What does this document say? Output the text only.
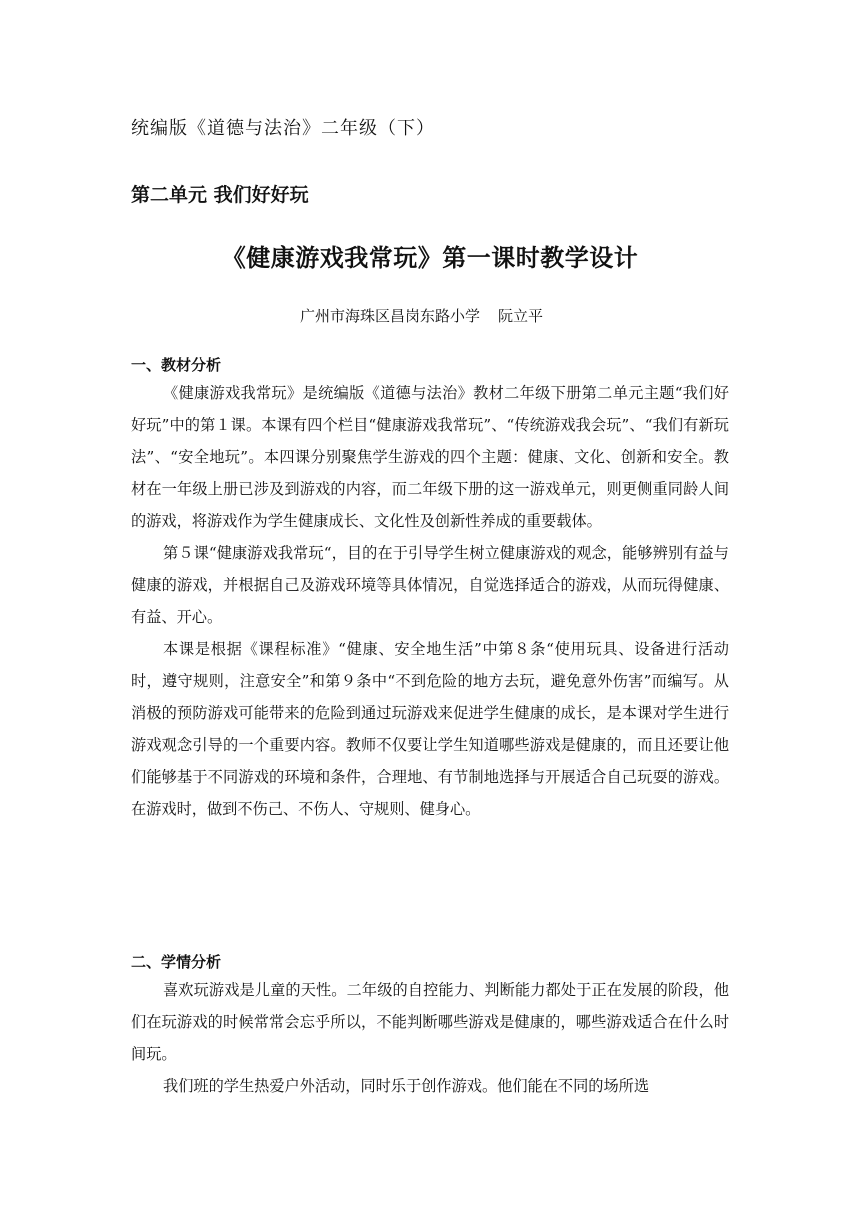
统编版《道德与法治》二年级（下）
第二单元 我们好好玩
《健康游戏我常玩》第一课时教学设计
广州市海珠区昌岗东路小学 阮立平
一、教材分析

《健康游戏我常玩》是统编版《道德与法治》教材二年级下册第二单元主题“我们好好玩”中的第１课。本课有四个栏目“健康游戏我常玩”、“传统游戏我会玩”、“我们有新玩法”、“安全地玩”。本四课分别聚焦学生游戏的四个主题：健康、文化、创新和安全。教材在一年级上册已涉及到游戏的内容，而二年级下册的这一游戏单元，则更侧重同龄人间的游戏，将游戏作为学生健康成长、文化性及创新性养成的重要载体。

第５课“健康游戏我常玩“，目的在于引导学生树立健康游戏的观念，能够辨别有益与健康的游戏，并根据自己及游戏环境等具体情况，自觉选择适合的游戏，从而玩得健康、有益、开心。

本课是根据《课程标准》“健康、安全地生活”中第８条“使用玩具、设备进行活动时，遵守规则，注意安全”和第９条中“不到危险的地方去玩，避免意外伤害”而编写。从消极的预防游戏可能带来的危险到通过玩游戏来促进学生健康的成长，是本课对学生进行游戏观念引导的一个重要内容。教师不仅要让学生知道哪些游戏是健康的，而且还要让他们能够基于不同游戏的环境和条件，合理地、有节制地选择与开展适合自己玩耍的游戏。在游戏时，做到不伤己、不伤人、守规则、健身心。

二、学情分析

喜欢玩游戏是儿童的天性。二年级的自控能力、判断能力都处于正在发展的阶段，他们在玩游戏的时候常常会忘乎所以，不能判断哪些游戏是健康的，哪些游戏适合在什么时间玩。

我们班的学生热爱户外活动，同时乐于创作游戏。他们能在不同的场所选
